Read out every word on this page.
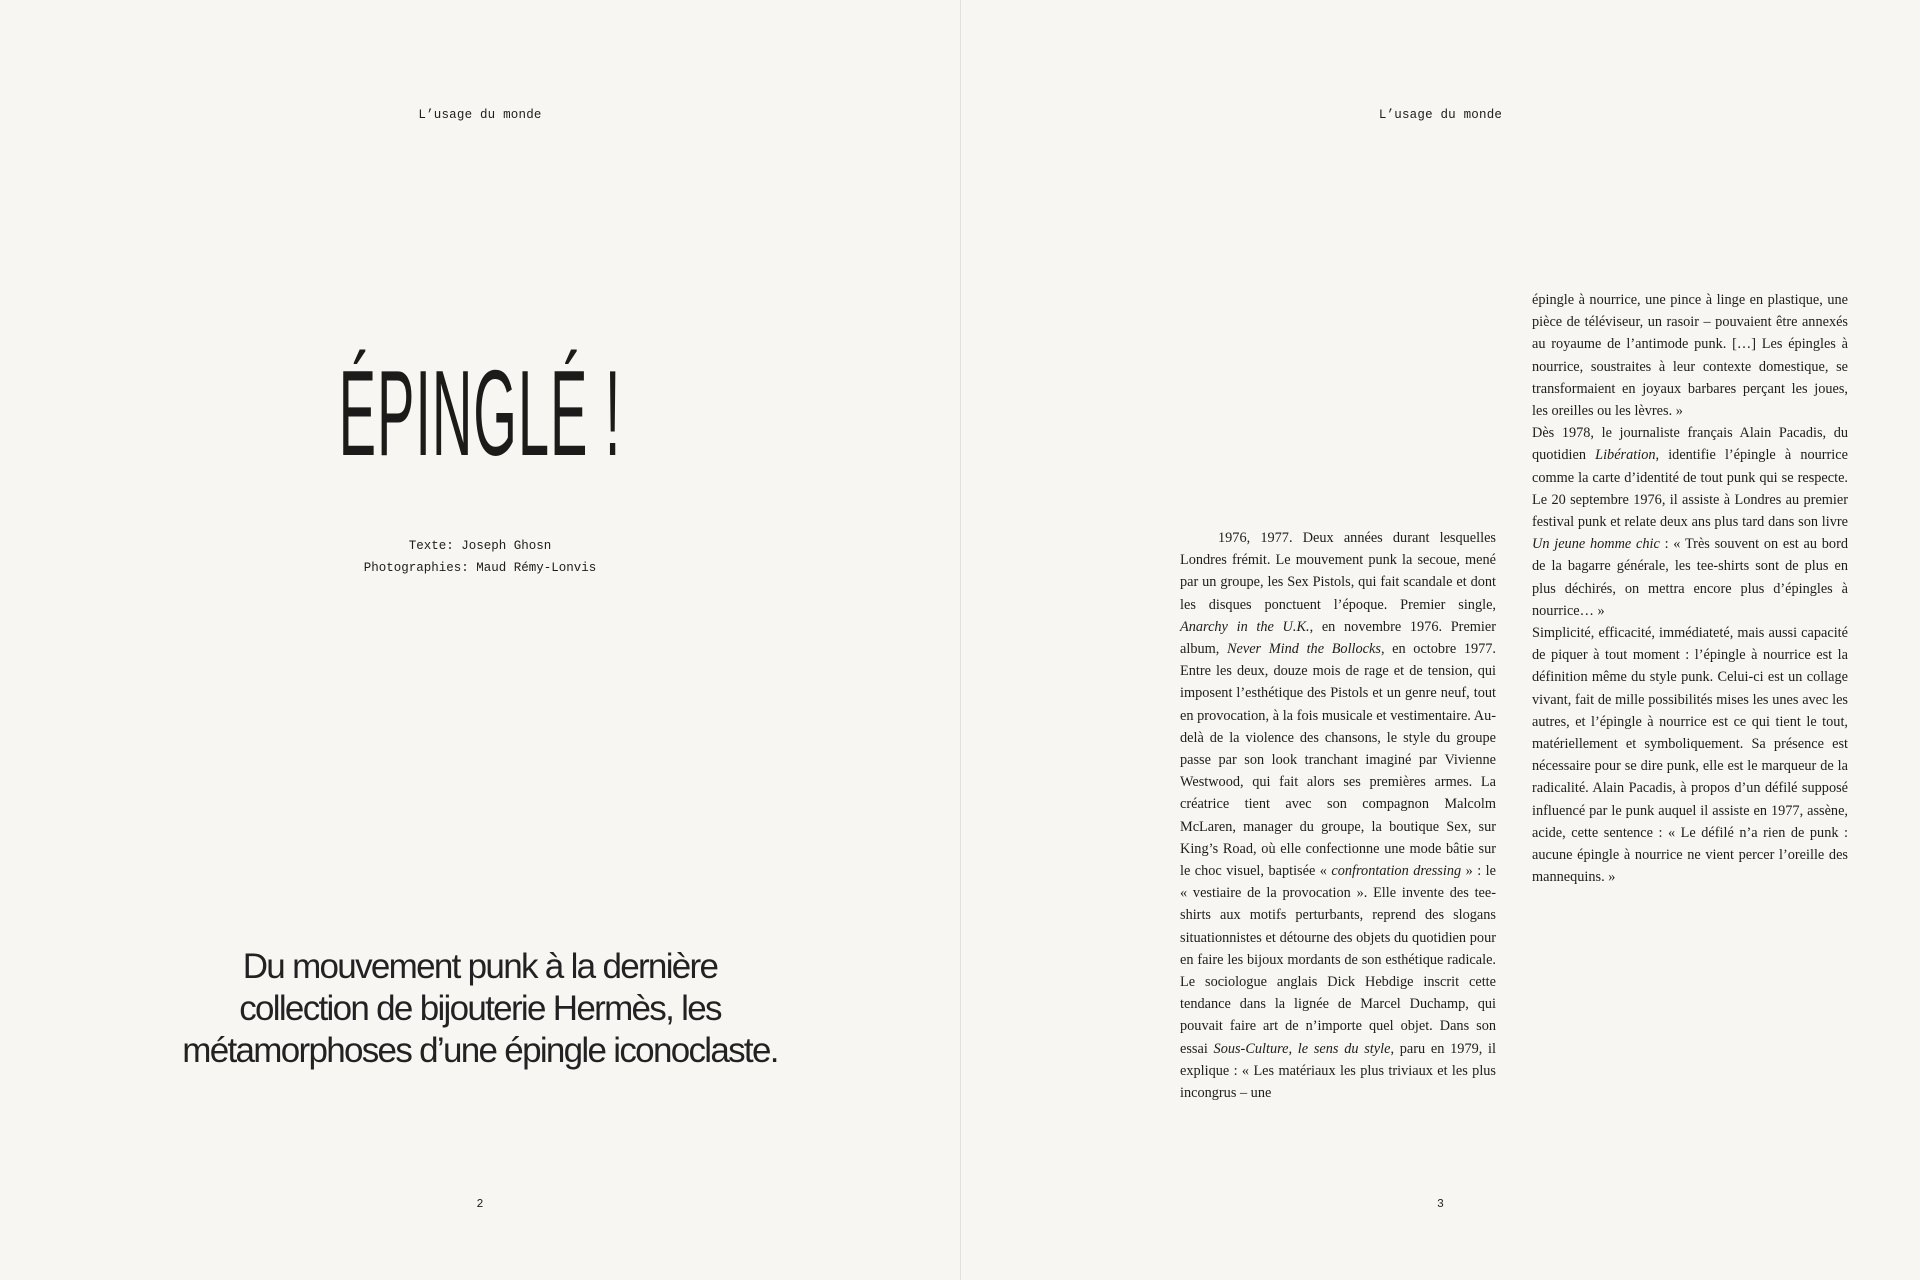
L’usage du monde
ÉPINGLÉ !
Texte: Joseph Ghosn
Photographies: Maud Rémy-Lonvis
Du mouvement punk à la dernière collection de bijouterie Hermès, les métamorphoses d’une épingle iconoclaste.
2
L’usage du monde

1976, 1977. Deux années durant lesquelles Londres frémit. Le mouvement punk la secoue, mené par un groupe, les Sex Pistols, qui fait scandale et dont les disques ponctuent l’époque. Premier single, Anarchy in the U.K., en novembre 1976. Premier album, Never Mind the Bollocks, en octobre 1977. Entre les deux, douze mois de rage et de tension, qui imposent l’esthétique des Pistols et un genre neuf, tout en provocation, à la fois musicale et vestimentaire. Au-delà de la violence des chansons, le style du groupe passe par son look tranchant imaginé par Vivienne Westwood, qui fait alors ses premières armes. La créatrice tient avec son compagnon Malcolm McLaren, manager du groupe, la boutique Sex, sur King’s Road, où elle confectionne une mode bâtie sur le choc visuel, baptisée « confrontation dressing » : le « vestiaire de la provocation ». Elle invente des tee-shirts aux motifs perturbants, reprend des slogans situationnistes et détourne des objets du quotidien pour en faire les bijoux mordants de son esthétique radicale. Le sociologue anglais Dick Hebdige inscrit cette tendance dans la lignée de Marcel Duchamp, qui pouvait faire art de n’importe quel objet. Dans son essai Sous-Culture, le sens du style, paru en 1979, il explique : « Les matériaux les plus triviaux et les plus incongrus – une

épingle à nourrice, une pince à linge en plastique, une pièce de téléviseur, un rasoir – pouvaient être annexés au royaume de l’antimode punk. […] Les épingles à nourrice, soustraites à leur contexte domestique, se transformaient en joyaux barbares perçant les joues, les oreilles ou les lèvres. »

Dès 1978, le journaliste français Alain Pacadis, du quotidien Libération, identifie l’épingle à nourrice comme la carte d’identité de tout punk qui se respecte. Le 20 septembre 1976, il assiste à Londres au premier festival punk et relate deux ans plus tard dans son livre Un jeune homme chic : « Très souvent on est au bord de la bagarre générale, les tee-shirts sont de plus en plus déchirés, on mettra encore plus d’épingles à nourrice… »

Simplicité, efficacité, immédiateté, mais aussi capacité de piquer à tout moment : l’épingle à nourrice est la définition même du style punk. Celui-ci est un collage vivant, fait de mille possibilités mises les unes avec les autres, et l’épingle à nourrice est ce qui tient le tout, matériellement et symboliquement. Sa présence est nécessaire pour se dire punk, elle est le marqueur de la radicalité. Alain Pacadis, à propos d’un défilé supposé influencé par le punk auquel il assiste en 1977, assène, acide, cette sentence : « Le défilé n’a rien de punk : aucune épingle à nourrice ne vient percer l’oreille des mannequins. »

3
